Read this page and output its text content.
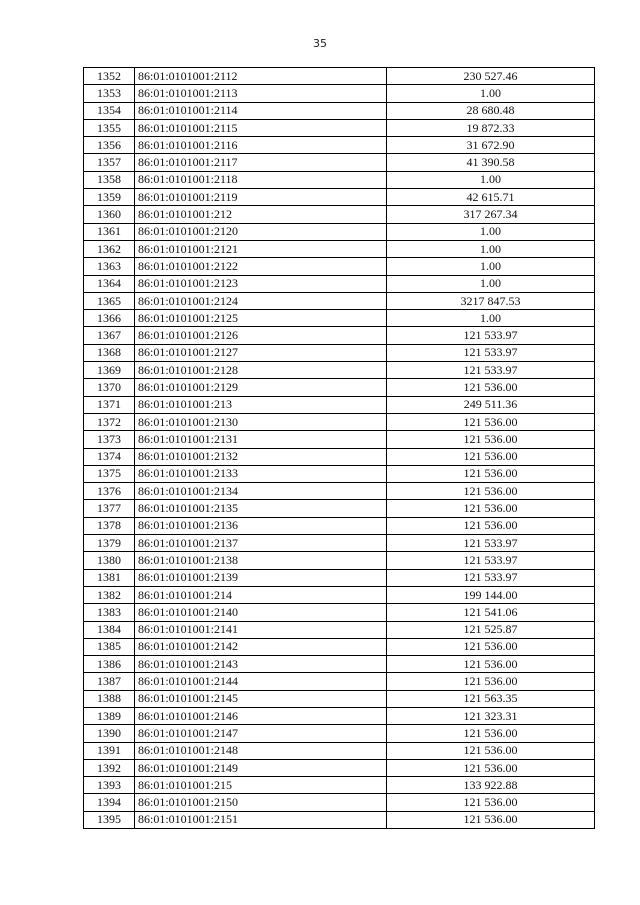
35
1352	86:01:0101001:2112	230 527.46
1353	86:01:0101001:2113	1.00
1354	86:01:0101001:2114	28 680.48
1355	86:01:0101001:2115	19 872.33
1356	86:01:0101001:2116	31 672.90
1357	86:01:0101001:2117	41 390.58
1358	86:01:0101001:2118	1.00
1359	86:01:0101001:2119	42 615.71
1360	86:01:0101001:212	317 267.34
1361	86:01:0101001:2120	1.00
1362	86:01:0101001:2121	1.00
1363	86:01:0101001:2122	1.00
1364	86:01:0101001:2123	1.00
1365	86:01:0101001:2124	3217 847.53
1366	86:01:0101001:2125	1.00
1367	86:01:0101001:2126	121 533.97
1368	86:01:0101001:2127	121 533.97
1369	86:01:0101001:2128	121 533.97
1370	86:01:0101001:2129	121 536.00
1371	86:01:0101001:213	249 511.36
1372	86:01:0101001:2130	121 536.00
1373	86:01:0101001:2131	121 536.00
1374	86:01:0101001:2132	121 536.00
1375	86:01:0101001:2133	121 536.00
1376	86:01:0101001:2134	121 536.00
1377	86:01:0101001:2135	121 536.00
1378	86:01:0101001:2136	121 536.00
1379	86:01:0101001:2137	121 533.97
1380	86:01:0101001:2138	121 533.97
1381	86:01:0101001:2139	121 533.97
1382	86:01:0101001:214	199 144.00
1383	86:01:0101001:2140	121 541.06
1384	86:01:0101001:2141	121 525.87
1385	86:01:0101001:2142	121 536.00
1386	86:01:0101001:2143	121 536.00
1387	86:01:0101001:2144	121 536.00
1388	86:01:0101001:2145	121 563.35
1389	86:01:0101001:2146	121 323.31
1390	86:01:0101001:2147	121 536.00
1391	86:01:0101001:2148	121 536.00
1392	86:01:0101001:2149	121 536.00
1393	86:01:0101001:215	133 922.88
1394	86:01:0101001:2150	121 536.00
1395	86:01:0101001:2151	121 536.00
